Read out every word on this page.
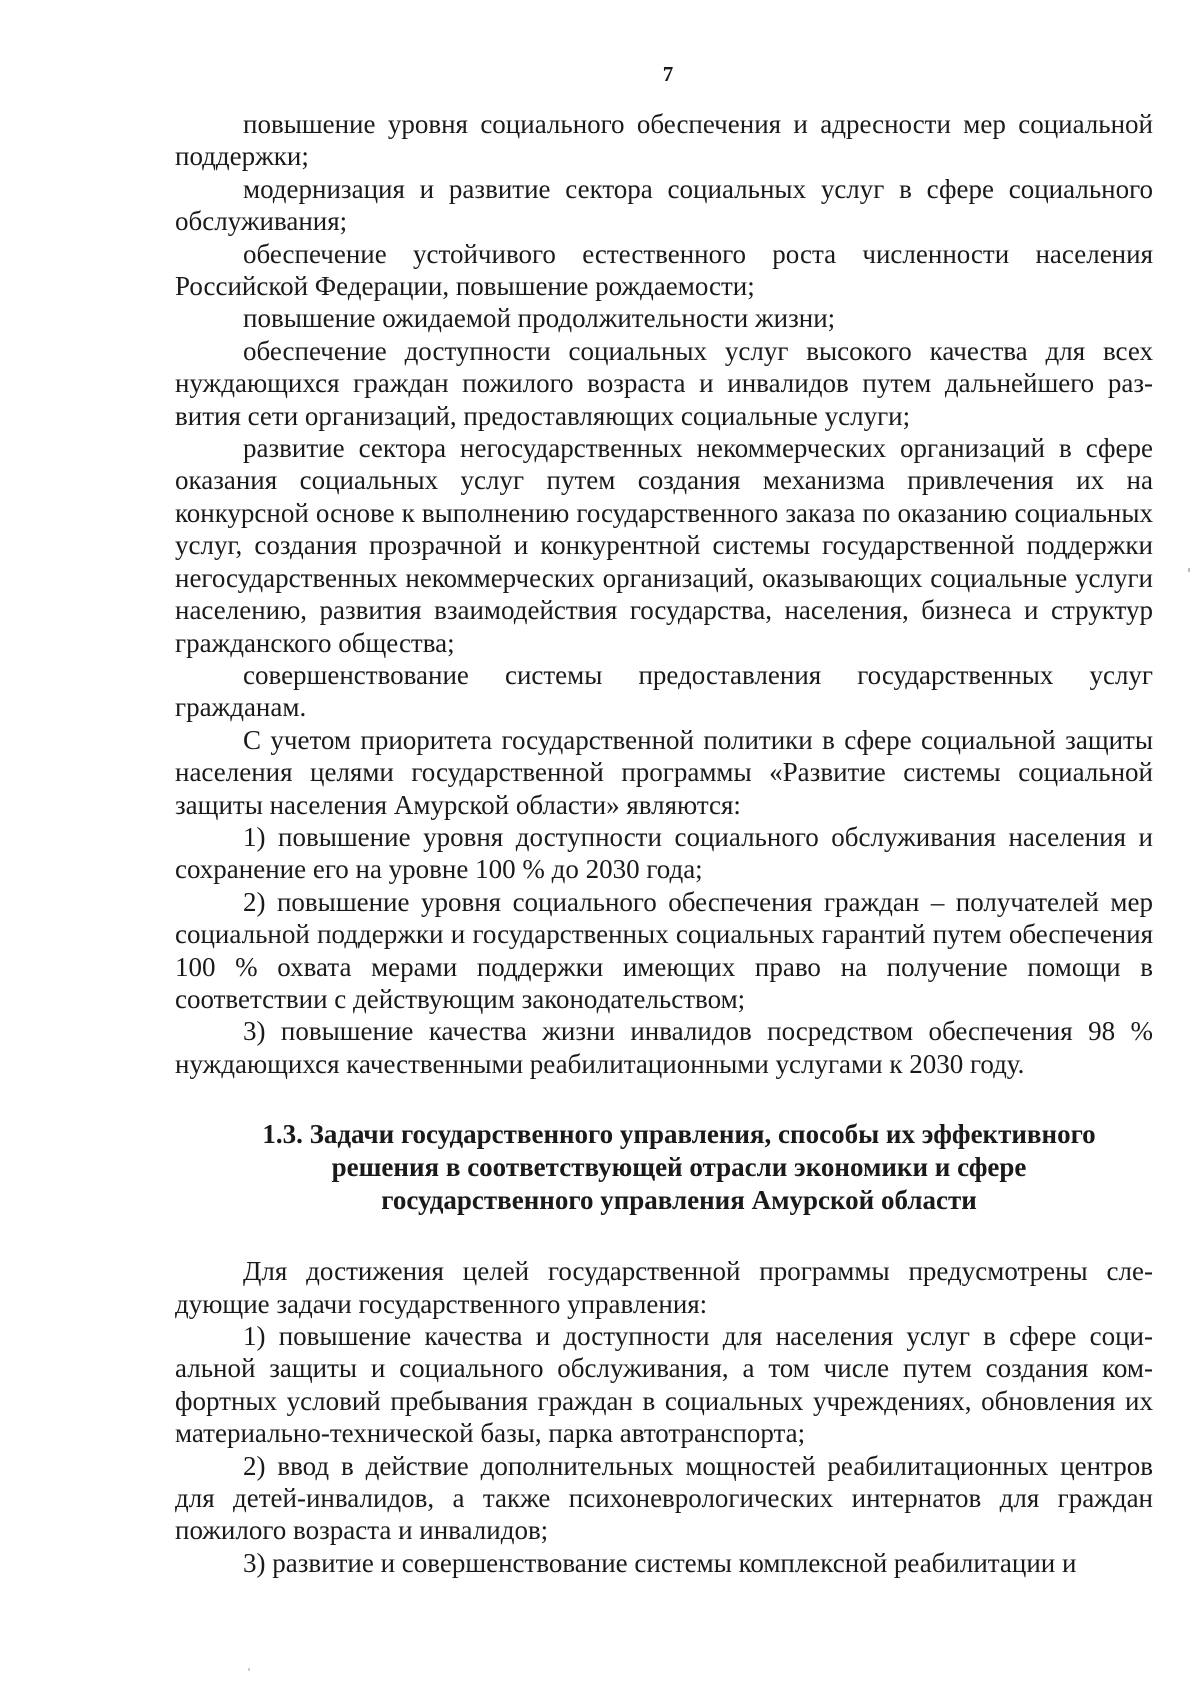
7

повышение уровня социального обеспечения и адресности мер социальной поддержки;

модернизация и развитие сектора социальных услуг в сфере социального обслуживания;

обеспечение устойчивого естественного роста численности населения Российской Федерации, повышение рождаемости;

повышение ожидаемой продолжительности жизни;

обеспечение доступности социальных услуг высокого качества для всех нуждающихся граждан пожилого возраста и инвалидов путем дальнейшего развития сети организаций, предоставляющих социальные услуги;

развитие сектора негосударственных некоммерческих организаций в сфере оказания социальных услуг путем создания механизма привлечения их на конкурсной основе к выполнению государственного заказа по оказанию социальных услуг, создания прозрачной и конкурентной системы государственной поддержки негосударственных некоммерческих организаций, оказывающих социальные услуги населению, развития взаимодействия государства, населения, бизнеса и структур гражданского общества;

совершенствование системы предоставления государственных услуг гражданам.

С учетом приоритета государственной политики в сфере социальной защиты населения целями государственной программы «Развитие системы социальной защиты населения Амурской области» являются:

1) повышение уровня доступности социального обслуживания населения и сохранение его на уровне 100 % до 2030 года;

2) повышение уровня социального обеспечения граждан – получателей мер социальной поддержки и государственных социальных гарантий путем обеспечения 100 % охвата мерами поддержки имеющих право на получение помощи в соответствии с действующим законодательством;

3) повышение качества жизни инвалидов посредством обеспечения 98 % нуждающихся качественными реабилитационными услугами к 2030 году.

1.3. Задачи государственного управления, способы их эффективного
решения в соответствующей отрасли экономики и сфере
государственного управления Амурской области

Для достижения целей государственной программы предусмотрены следующие задачи государственного управления:

1) повышение качества и доступности для населения услуг в сфере социальной защиты и социального обслуживания, а том числе путем создания комфортных условий пребывания граждан в социальных учреждениях, обновления их материально-технической базы, парка автотранспорта;

2) ввод в действие дополнительных мощностей реабилитационных центров для детей-инвалидов, а также психоневрологических интернатов для граждан пожилого возраста и инвалидов;

3) развитие и совершенствование системы комплексной реабилитации и
